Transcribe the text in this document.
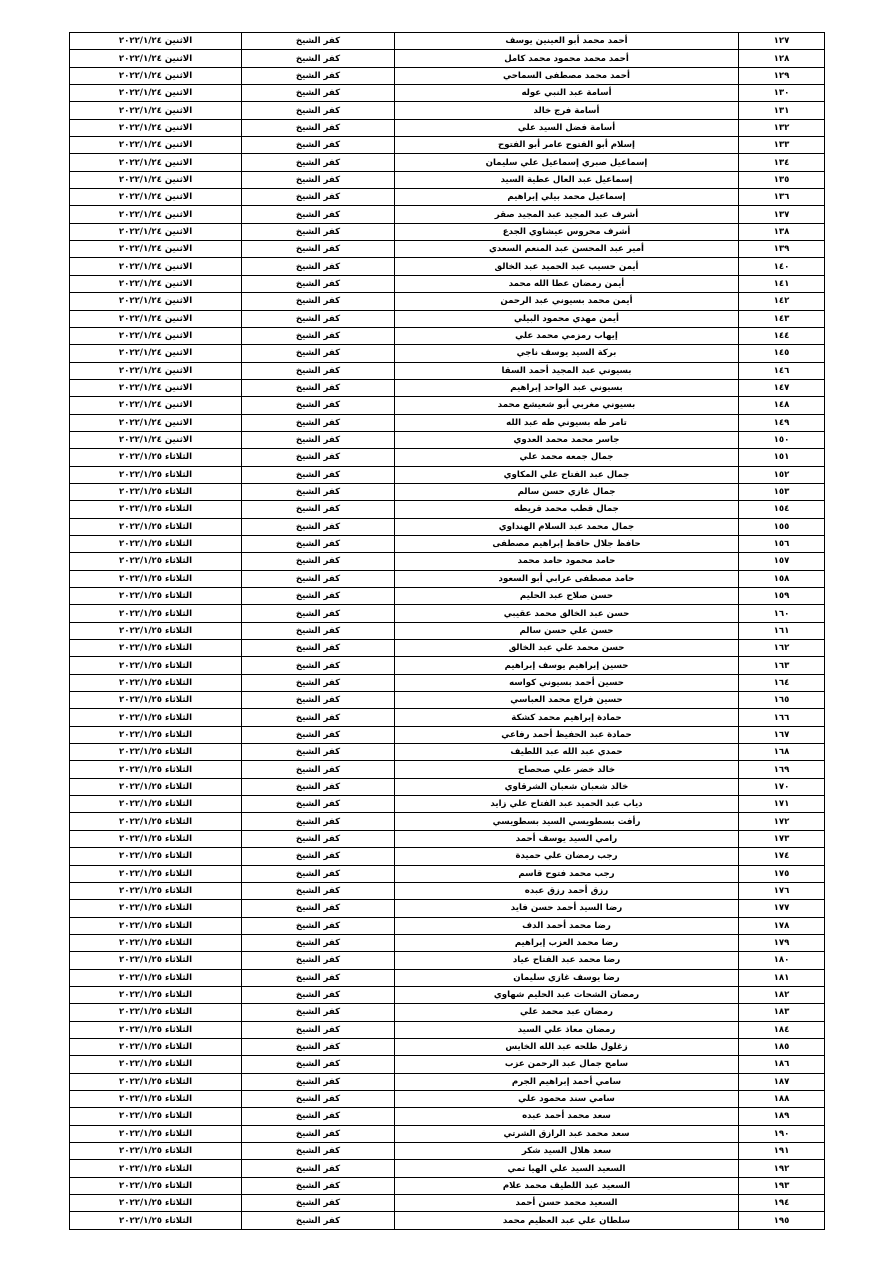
١٢٧	أحمد محمد أبو العينين يوسف	كفر الشيخ	الاثنين ٢٠٢٢/١/٢٤
١٢٨	أحمد محمد محمود محمد كامل	كفر الشيخ	الاثنين ٢٠٢٢/١/٢٤
١٢٩	أحمد محمد مصطفى السماحي	كفر الشيخ	الاثنين ٢٠٢٢/١/٢٤
١٣٠	أسامة عبد النبي عوله	كفر الشيخ	الاثنين ٢٠٢٢/١/٢٤
١٣١	أسامة فرج خالد	كفر الشيخ	الاثنين ٢٠٢٢/١/٢٤
١٣٢	أسامة فضل السيد علي	كفر الشيخ	الاثنين ٢٠٢٢/١/٢٤
١٣٣	إسلام أبو الفتوح عامر أبو الفتوح	كفر الشيخ	الاثنين ٢٠٢٢/١/٢٤
١٣٤	إسماعيل صبري إسماعيل علي سليمان	كفر الشيخ	الاثنين ٢٠٢٢/١/٢٤
١٣٥	إسماعيل عبد العال عطية السيد	كفر الشيخ	الاثنين ٢٠٢٢/١/٢٤
١٣٦	إسماعيل محمد بيلي إبراهيم	كفر الشيخ	الاثنين ٢٠٢٢/١/٢٤
١٣٧	أشرف عبد المجيد عبد المجيد صقر	كفر الشيخ	الاثنين ٢٠٢٢/١/٢٤
١٣٨	أشرف محروس عيشاوي الجدع	كفر الشيخ	الاثنين ٢٠٢٢/١/٢٤
١٣٩	أمير عبد المحسن عبد المنعم السعدي	كفر الشيخ	الاثنين ٢٠٢٢/١/٢٤
١٤٠	أيمن حسيب عبد الحميد عبد الخالق	كفر الشيخ	الاثنين ٢٠٢٢/١/٢٤
١٤١	أيمن رمضان عطا الله محمد	كفر الشيخ	الاثنين ٢٠٢٢/١/٢٤
١٤٢	أيمن محمد بسيوني عبد الرحمن	كفر الشيخ	الاثنين ٢٠٢٢/١/٢٤
١٤٣	أيمن مهدي محمود البيلي	كفر الشيخ	الاثنين ٢٠٢٢/١/٢٤
١٤٤	إيهاب رمزمي محمد علي	كفر الشيخ	الاثنين ٢٠٢٢/١/٢٤
١٤٥	بركة السيد يوسف ناجي	كفر الشيخ	الاثنين ٢٠٢٢/١/٢٤
١٤٦	بسيوني عبد المجيد أحمد السقا	كفر الشيخ	الاثنين ٢٠٢٢/١/٢٤
١٤٧	بسيوني عبد الواحد إبراهيم	كفر الشيخ	الاثنين ٢٠٢٢/١/٢٤
١٤٨	بسيوني مغربي أبو شعيشع محمد	كفر الشيخ	الاثنين ٢٠٢٢/١/٢٤
١٤٩	تامر طه بسيوني طه عبد الله	كفر الشيخ	الاثنين ٢٠٢٢/١/٢٤
١٥٠	جاسر محمد محمد العدوي	كفر الشيخ	الاثنين ٢٠٢٢/١/٢٤
١٥١	جمال جمعه محمد علي	كفر الشيخ	الثلاثاء ٢٠٢٢/١/٢٥
١٥٢	جمال عبد الفتاح علي المكاوي	كفر الشيخ	الثلاثاء ٢٠٢٢/١/٢٥
١٥٣	جمال غازي حسن سالم	كفر الشيخ	الثلاثاء ٢٠٢٢/١/٢٥
١٥٤	جمال قطب محمد قريطه	كفر الشيخ	الثلاثاء ٢٠٢٢/١/٢٥
١٥٥	جمال محمد عبد السلام الهنداوي	كفر الشيخ	الثلاثاء ٢٠٢٢/١/٢٥
١٥٦	حافظ جلال حافظ إبراهيم مصطفى	كفر الشيخ	الثلاثاء ٢٠٢٢/١/٢٥
١٥٧	حامد محمود حامد محمد	كفر الشيخ	الثلاثاء ٢٠٢٢/١/٢٥
١٥٨	حامد مصطفى عرابي أبو السعود	كفر الشيخ	الثلاثاء ٢٠٢٢/١/٢٥
١٥٩	حسن صلاح عبد الحليم	كفر الشيخ	الثلاثاء ٢٠٢٢/١/٢٥
١٦٠	حسن عبد الخالق محمد عقيبي	كفر الشيخ	الثلاثاء ٢٠٢٢/١/٢٥
١٦١	حسن علي حسن سالم	كفر الشيخ	الثلاثاء ٢٠٢٢/١/٢٥
١٦٢	حسن محمد علي عبد الخالق	كفر الشيخ	الثلاثاء ٢٠٢٢/١/٢٥
١٦٣	حسين إبراهيم يوسف إبراهيم	كفر الشيخ	الثلاثاء ٢٠٢٢/١/٢٥
١٦٤	حسين أحمد بسيوني كواسه	كفر الشيخ	الثلاثاء ٢٠٢٢/١/٢٥
١٦٥	حسين فراج محمد العباسي	كفر الشيخ	الثلاثاء ٢٠٢٢/١/٢٥
١٦٦	حمادة إبراهيم محمد كشكة	كفر الشيخ	الثلاثاء ٢٠٢٢/١/٢٥
١٦٧	حمادة عبد الحفيظ أحمد رفاعي	كفر الشيخ	الثلاثاء ٢٠٢٢/١/٢٥
١٦٨	حمدي عبد الله عبد اللطيف	كفر الشيخ	الثلاثاء ٢٠٢٢/١/٢٥
١٦٩	خالد خضر علي صحصاح	كفر الشيخ	الثلاثاء ٢٠٢٢/١/٢٥
١٧٠	خالد شعبان شعبان الشرقاوي	كفر الشيخ	الثلاثاء ٢٠٢٢/١/٢٥
١٧١	دياب عبد الحميد عبد الفتاح علي زايد	كفر الشيخ	الثلاثاء ٢٠٢٢/١/٢٥
١٧٢	رأفت بسطويسي السيد بسطويسي	كفر الشيخ	الثلاثاء ٢٠٢٢/١/٢٥
١٧٣	رامي السيد يوسف أحمد	كفر الشيخ	الثلاثاء ٢٠٢٢/١/٢٥
١٧٤	رجب رمضان علي حميدة	كفر الشيخ	الثلاثاء ٢٠٢٢/١/٢٥
١٧٥	رجب محمد فتوح قاسم	كفر الشيخ	الثلاثاء ٢٠٢٢/١/٢٥
١٧٦	رزق أحمد رزق عبده	كفر الشيخ	الثلاثاء ٢٠٢٢/١/٢٥
١٧٧	رضا السيد أحمد حسن فايد	كفر الشيخ	الثلاثاء ٢٠٢٢/١/٢٥
١٧٨	رضا محمد أحمد الدف	كفر الشيخ	الثلاثاء ٢٠٢٢/١/٢٥
١٧٩	رضا محمد العزب إبراهيم	كفر الشيخ	الثلاثاء ٢٠٢٢/١/٢٥
١٨٠	رضا محمد عبد الفتاح عياد	كفر الشيخ	الثلاثاء ٢٠٢٢/١/٢٥
١٨١	رضا يوسف غازي سليمان	كفر الشيخ	الثلاثاء ٢٠٢٢/١/٢٥
١٨٢	رمضان الشحات عبد الحليم شهاوي	كفر الشيخ	الثلاثاء ٢٠٢٢/١/٢٥
١٨٣	رمضان عبد محمد علي	كفر الشيخ	الثلاثاء ٢٠٢٢/١/٢٥
١٨٤	رمضان معاذ علي السيد	كفر الشيخ	الثلاثاء ٢٠٢٢/١/٢٥
١٨٥	زغلول طلحه عبد الله الخايس	كفر الشيخ	الثلاثاء ٢٠٢٢/١/٢٥
١٨٦	سامح جمال عبد الرحمن عزب	كفر الشيخ	الثلاثاء ٢٠٢٢/١/٢٥
١٨٧	سامي أحمد إبراهيم الجرم	كفر الشيخ	الثلاثاء ٢٠٢٢/١/٢٥
١٨٨	سامي سند محمود علي	كفر الشيخ	الثلاثاء ٢٠٢٢/١/٢٥
١٨٩	سعد محمد أحمد عبده	كفر الشيخ	الثلاثاء ٢٠٢٢/١/٢٥
١٩٠	سعد محمد عبد الرازق الشرتي	كفر الشيخ	الثلاثاء ٢٠٢٢/١/٢٥
١٩١	سعد هلال السيد شكر	كفر الشيخ	الثلاثاء ٢٠٢٢/١/٢٥
١٩٢	السعيد السيد علي الهيا تمي	كفر الشيخ	الثلاثاء ٢٠٢٢/١/٢٥
١٩٣	السعيد عبد اللطيف محمد علام	كفر الشيخ	الثلاثاء ٢٠٢٢/١/٢٥
١٩٤	السعيد محمد حسن أحمد	كفر الشيخ	الثلاثاء ٢٠٢٢/١/٢٥
١٩٥	سلطان علي عبد العظيم محمد	كفر الشيخ	الثلاثاء ٢٠٢٢/١/٢٥
